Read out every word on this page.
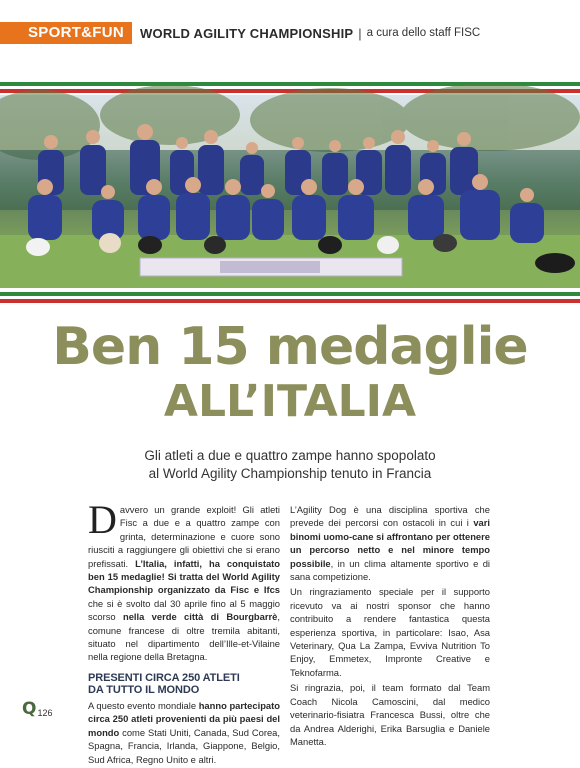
SPORT&FUN	WORLD AGILITY CHAMPIONSHIP | a cura dello staff FISC
Ben 15 medaglie
ALL’ITALIA
Gli atleti a due e quattro zampe hanno spopolato
al World Agility Championship tenuto in Francia

Davvero un grande exploit! Gli atleti Fisc a due e a quattro zampe con grinta, determinazione e cuore sono riusciti a raggiungere gli obiettivi che si erano prefissati. L’Italia, infatti, ha conquistato ben 15 medaglie! Si tratta del World Agility Championship organizzato da Fisc e Ifcs che si è svolto dal 30 aprile fino al 5 maggio scorso nella verde città di Bourgbarrè, comune francese di oltre tremila abitanti, situato nel dipartimento dell’Ille-et-Vilaine nella regione della Bretagna.

PRESENTI CIRCA 250 ATLETI
DA TUTTO IL MONDO

A questo evento mondiale hanno partecipato circa 250 atleti provenienti da più paesi del mondo come Stati Uniti, Canada, Sud Corea, Spagna, Francia, Irlanda, Giappone, Belgio, Sud Africa, Regno Unito e altri.

L’Agility Dog è una disciplina sportiva che prevede dei percorsi con ostacoli in cui i vari binomi uomo-cane si affrontano per ottenere un percorso netto e nel minore tempo possibile, in un clima altamente sportivo e di sana competizione.

Un ringraziamento speciale per il supporto ricevuto va ai nostri sponsor che hanno contribuito a rendere fantastica questa esperienza sportiva, in particolare: Isao, Asa Veterinary, Qua La Zampa, Evviva Nutrition To Enjoy, Emmetex, Impronte Creative e Teknofarma.

Si ringrazia, poi, il team formato dal Team Coach Nicola Camoscini, dal medico veterinario-fisiatra Francesca Bussi, oltre che da Andrea Alderighi, Erika Barsuglia e Daniele Manetta.

Q 126
